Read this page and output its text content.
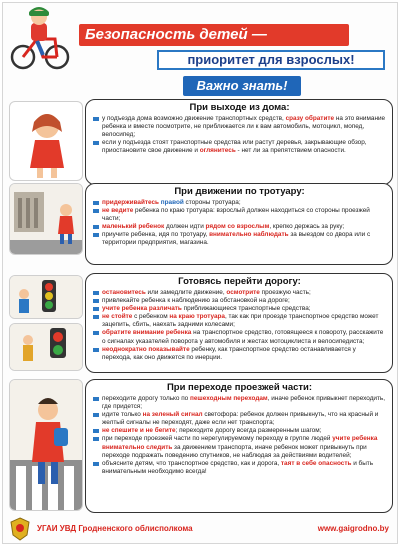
Безопасность детей —
приоритет для взрослых!
Важно знать!
При выходе из дома:
у подъезда дома возможно движение транспортных средств, сразу обратите на это внимание ребенка и вместе посмотрите, не приближается ли к вам автомобиль, мотоцикл, мопед, велосипед;
если у подъезда стоят транспортные средства или растут деревья, закрывающие обзор, приостановите свое движение и оглянитесь - нет ли за препятствием опасности.
При движении по тротуару:
придерживайтесь правой стороны тротуара;
не ведите ребенка по краю тротуара: взрослый должен находиться со стороны проезжей части;
маленький ребенок должен идти рядом со взрослым, крепко держась за руку;
приучите ребенка, идя по тротуару, внимательно наблюдать за выездом со двора или с территории предприятия, магазина.
Готовясь перейти дорогу:
остановитесь или замедлите движение, осмотрите проезжую часть;
привлекайте ребенка к наблюдению за обстановкой на дороге;
учите ребенка различать приближающиеся транспортные средства;
не стойте с ребенком на краю тротуара, так как при проезде транспортное средство может зацепить, сбить, наехать задними колесами;
обратите внимание ребенка на транспортное средство, готовящееся к повороту, расскажите о сигналах указателей поворота у автомобиля и жестах мотоциклиста и велосипедиста;
неоднократно показывайте ребенку, как транспортное средство останавливается у перехода, как оно движется по инерции.
При переходе проезжей части:
переходите дорогу только по пешеходным переходам, иначе ребенок привыкнет переходить, где придется;
идите только на зеленый сигнал светофора: ребенок должен привыкнуть, что на красный и желтый сигналы не переходят, даже если нет транспорта;
не спешите и не бегите; переходите дорогу всегда размеренным шагом;
при переходе проезжей части по нерегулируемому переходу в группе людей учите ребенка внимательно следить за движением транспорта, иначе ребенок может привыкнуть при переходе подражать поведению спутников, не наблюдая за действиями водителей;
объясните детям, что транспортное средство, как и дорога, таят в себе опасность и быть внимательным необходимо всегда!
УГАИ УВД Гродненского облисполкома	www.gaigrodno.by
